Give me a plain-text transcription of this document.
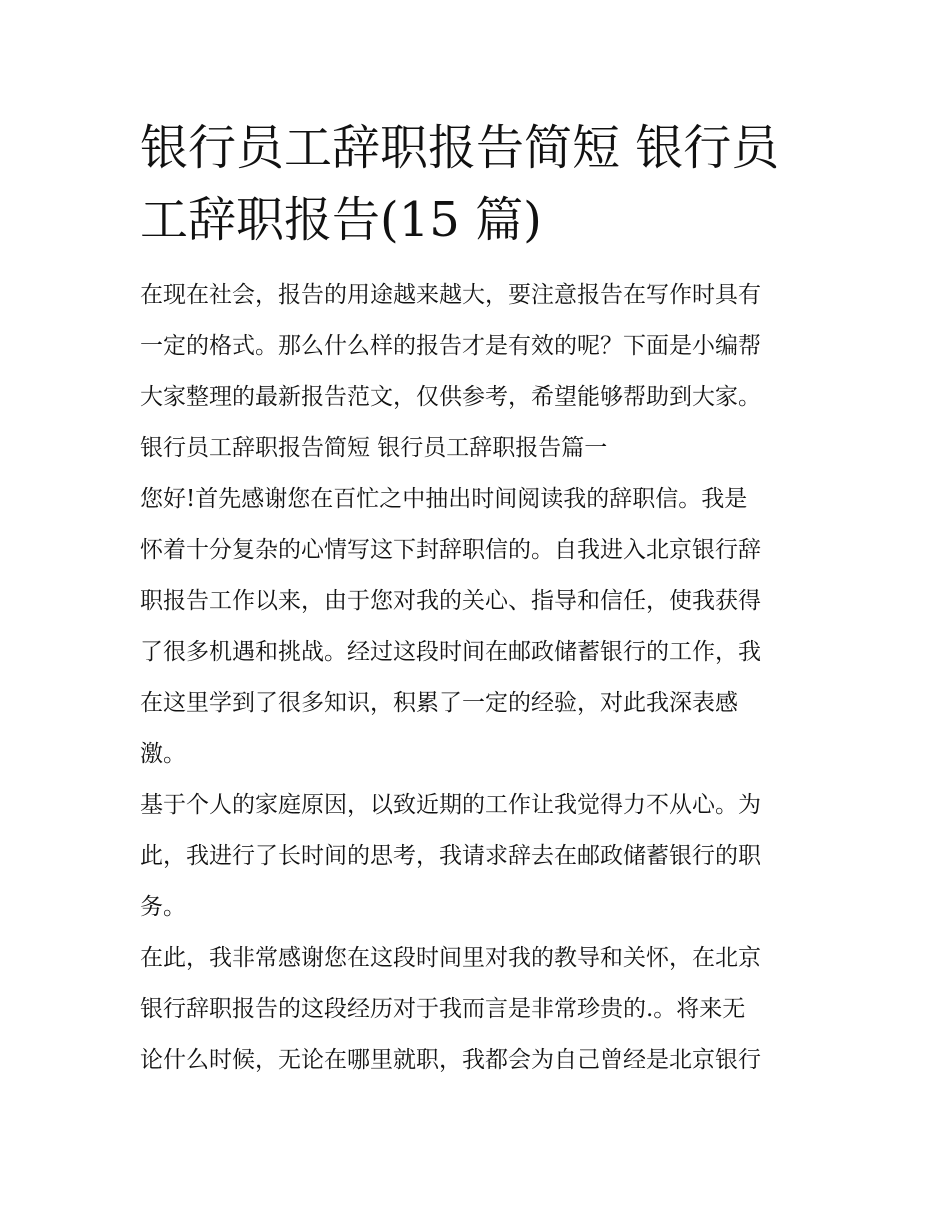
银行员工辞职报告简短 银行员
工辞职报告(15 篇)

在现在社会，报告的用途越来越大，要注意报告在写作时具有
一定的格式。那么什么样的报告才是有效的呢？下面是小编帮
大家整理的最新报告范文，仅供参考，希望能够帮助到大家。

银行员工辞职报告简短 银行员工辞职报告篇一

您好!首先感谢您在百忙之中抽出时间阅读我的辞职信。我是
怀着十分复杂的心情写这下封辞职信的。自我进入北京银行辞
职报告工作以来，由于您对我的关心、指导和信任，使我获得
了很多机遇和挑战。经过这段时间在邮政储蓄银行的工作，我
在这里学到了很多知识，积累了一定的经验，对此我深表感
激。

基于个人的家庭原因，以致近期的工作让我觉得力不从心。为
此，我进行了长时间的思考，我请求辞去在邮政储蓄银行的职
务。

在此，我非常感谢您在这段时间里对我的教导和关怀，在北京
银行辞职报告的这段经历对于我而言是非常珍贵的.。将来无
论什么时候，无论在哪里就职，我都会为自己曾经是北京银行
